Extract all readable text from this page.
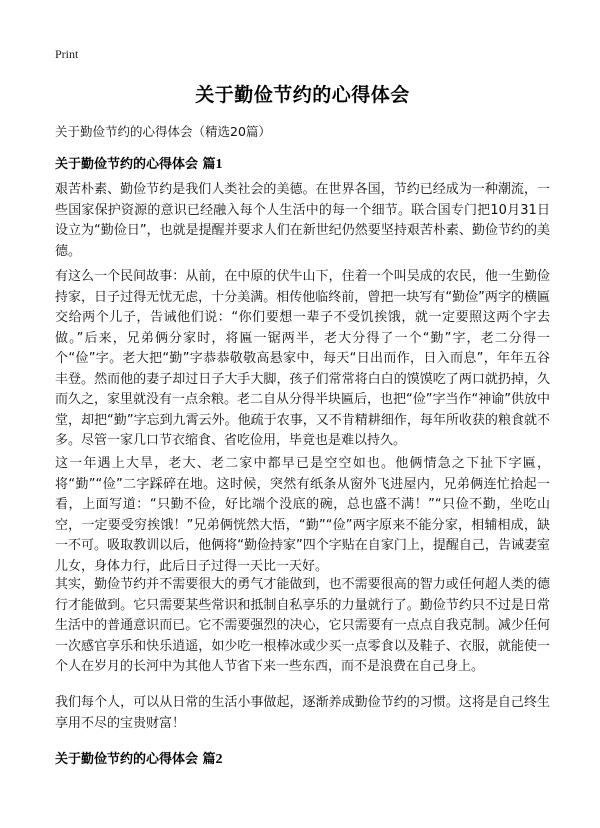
Print
关于勤俭节约的心得体会
关于勤俭节约的心得体会（精选20篇）
关于勤俭节约的心得体会 篇1

艰苦朴素、勤俭节约是我们人类社会的美德。在世界各国，节约已经成为一种潮流，一些国家保护资源的意识已经融入每个人生活中的每一个细节。联合国专门把10月31日设立为“勤俭日”，也就是提醒并要求人们在新世纪仍然要坚持艰苦朴素、勤俭节约的美德。

有这么一个民间故事：从前，在中原的伏牛山下，住着一个叫吴成的农民，他一生勤俭持家，日子过得无忧无虑，十分美满。相传他临终前，曾把一块写有“勤俭”两字的横匾交给两个儿子，告诫他们说：“你们要想一辈子不受饥挨饿，就一定要照这两个字去做。”后来，兄弟俩分家时，将匾一锯两半，老大分得了一个“勤”字，老二分得一个“俭”字。老大把“勤”字恭恭敬敬高悬家中，每天“日出而作，日入而息”，年年五谷丰登。然而他的妻子却过日子大手大脚，孩子们常常将白白的馍馍吃了两口就扔掉，久而久之，家里就没有一点余粮。老二自从分得半块匾后，也把“俭”字当作“神谕”供放中堂，却把“勤”字忘到九霄云外。他疏于农事，又不肯精耕细作，每年所收获的粮食就不多。尽管一家几口节衣缩食、省吃俭用，毕竟也是难以持久。

这一年遇上大旱，老大、老二家中都早已是空空如也。他俩情急之下扯下字匾，将“勤”“俭”二字踩碎在地。这时候，突然有纸条从窗外飞进屋内，兄弟俩连忙拾起一看，上面写道：“只勤不俭，好比端个没底的碗，总也盛不满！”“只俭不勤，坐吃山空，一定要受穷挨饿！”兄弟俩恍然大悟，“勤”“俭”两字原来不能分家，相辅相成，缺一不可。吸取教训以后，他俩将“勤俭持家”四个字贴在自家门上，提醒自己，告诫妻室儿女，身体力行，此后日子过得一天比一天好。

其实，勤俭节约并不需要很大的勇气才能做到，也不需要很高的智力或任何超人类的德行才能做到。它只需要某些常识和抵制自私享乐的力量就行了。勤俭节约只不过是日常生活中的普通意识而已。它不需要强烈的决心，它只需要有一点点自我克制。减少任何一次感官享乐和快乐逍遥，如少吃一根棒冰或少买一点零食以及鞋子、衣服，就能使一个人在岁月的长河中为其他人节省下来一些东西，而不是浪费在自己身上。

我们每个人，可以从日常的生活小事做起，逐渐养成勤俭节约的习惯。这将是自己终生享用不尽的宝贵财富！

关于勤俭节约的心得体会 篇2
